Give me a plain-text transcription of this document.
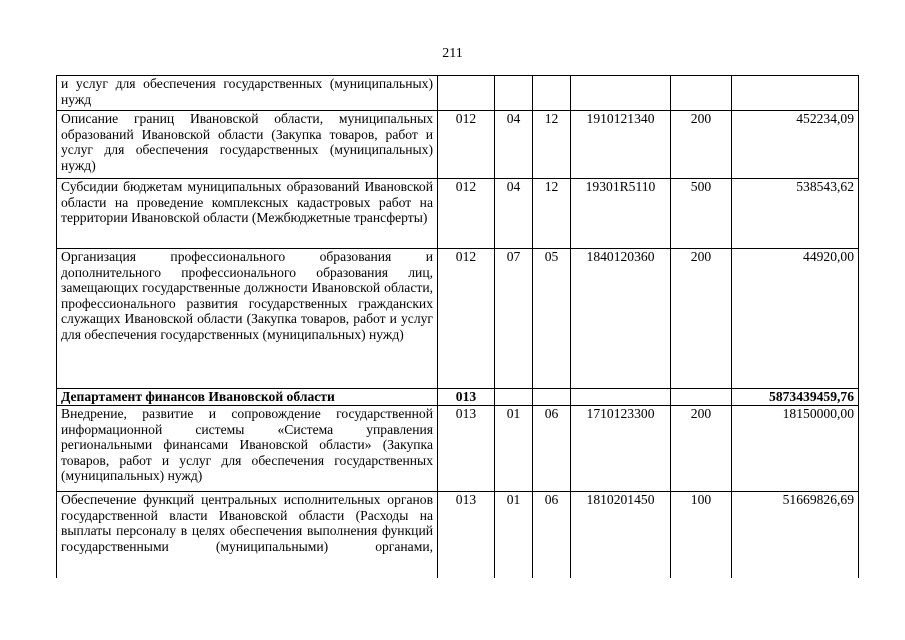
211
и услуг для обеспечения государственных (муниципальных) нужд						
Описание границ Ивановской области, муниципальных образований Ивановской области (Закупка товаров, работ и услуг для обеспечения государственных (муниципальных) нужд)	012	04	12	1910121340	200	452234,09
Субсидии бюджетам муниципальных образований Ивановской области на проведение комплексных кадастровых работ на территории Ивановской области (Межбюджетные трансферты)	012	04	12	19301R5110	500	538543,62
Организация профессионального образования и дополнительного профессионального образования лиц, замещающих государственные должности Ивановской области, профессионального развития государственных гражданских служащих Ивановской области (Закупка товаров, работ и услуг для обеспечения государственных (муниципальных) нужд)	012	07	05	1840120360	200	44920,00
Департамент финансов Ивановской области	013					5873439459,76
Внедрение, развитие и сопровождение государственной информационной системы «Система управления региональными финансами Ивановской области» (Закупка товаров, работ и услуг для обеспечения государственных (муниципальных) нужд)	013	01	06	1710123300	200	18150000,00
Обеспечение функций центральных исполнительных органов государственной власти Ивановской области (Расходы на выплаты персоналу в целях обеспечения выполнения функций государственными (муниципальными) органами,	013	01	06	1810201450	100	51669826,69
